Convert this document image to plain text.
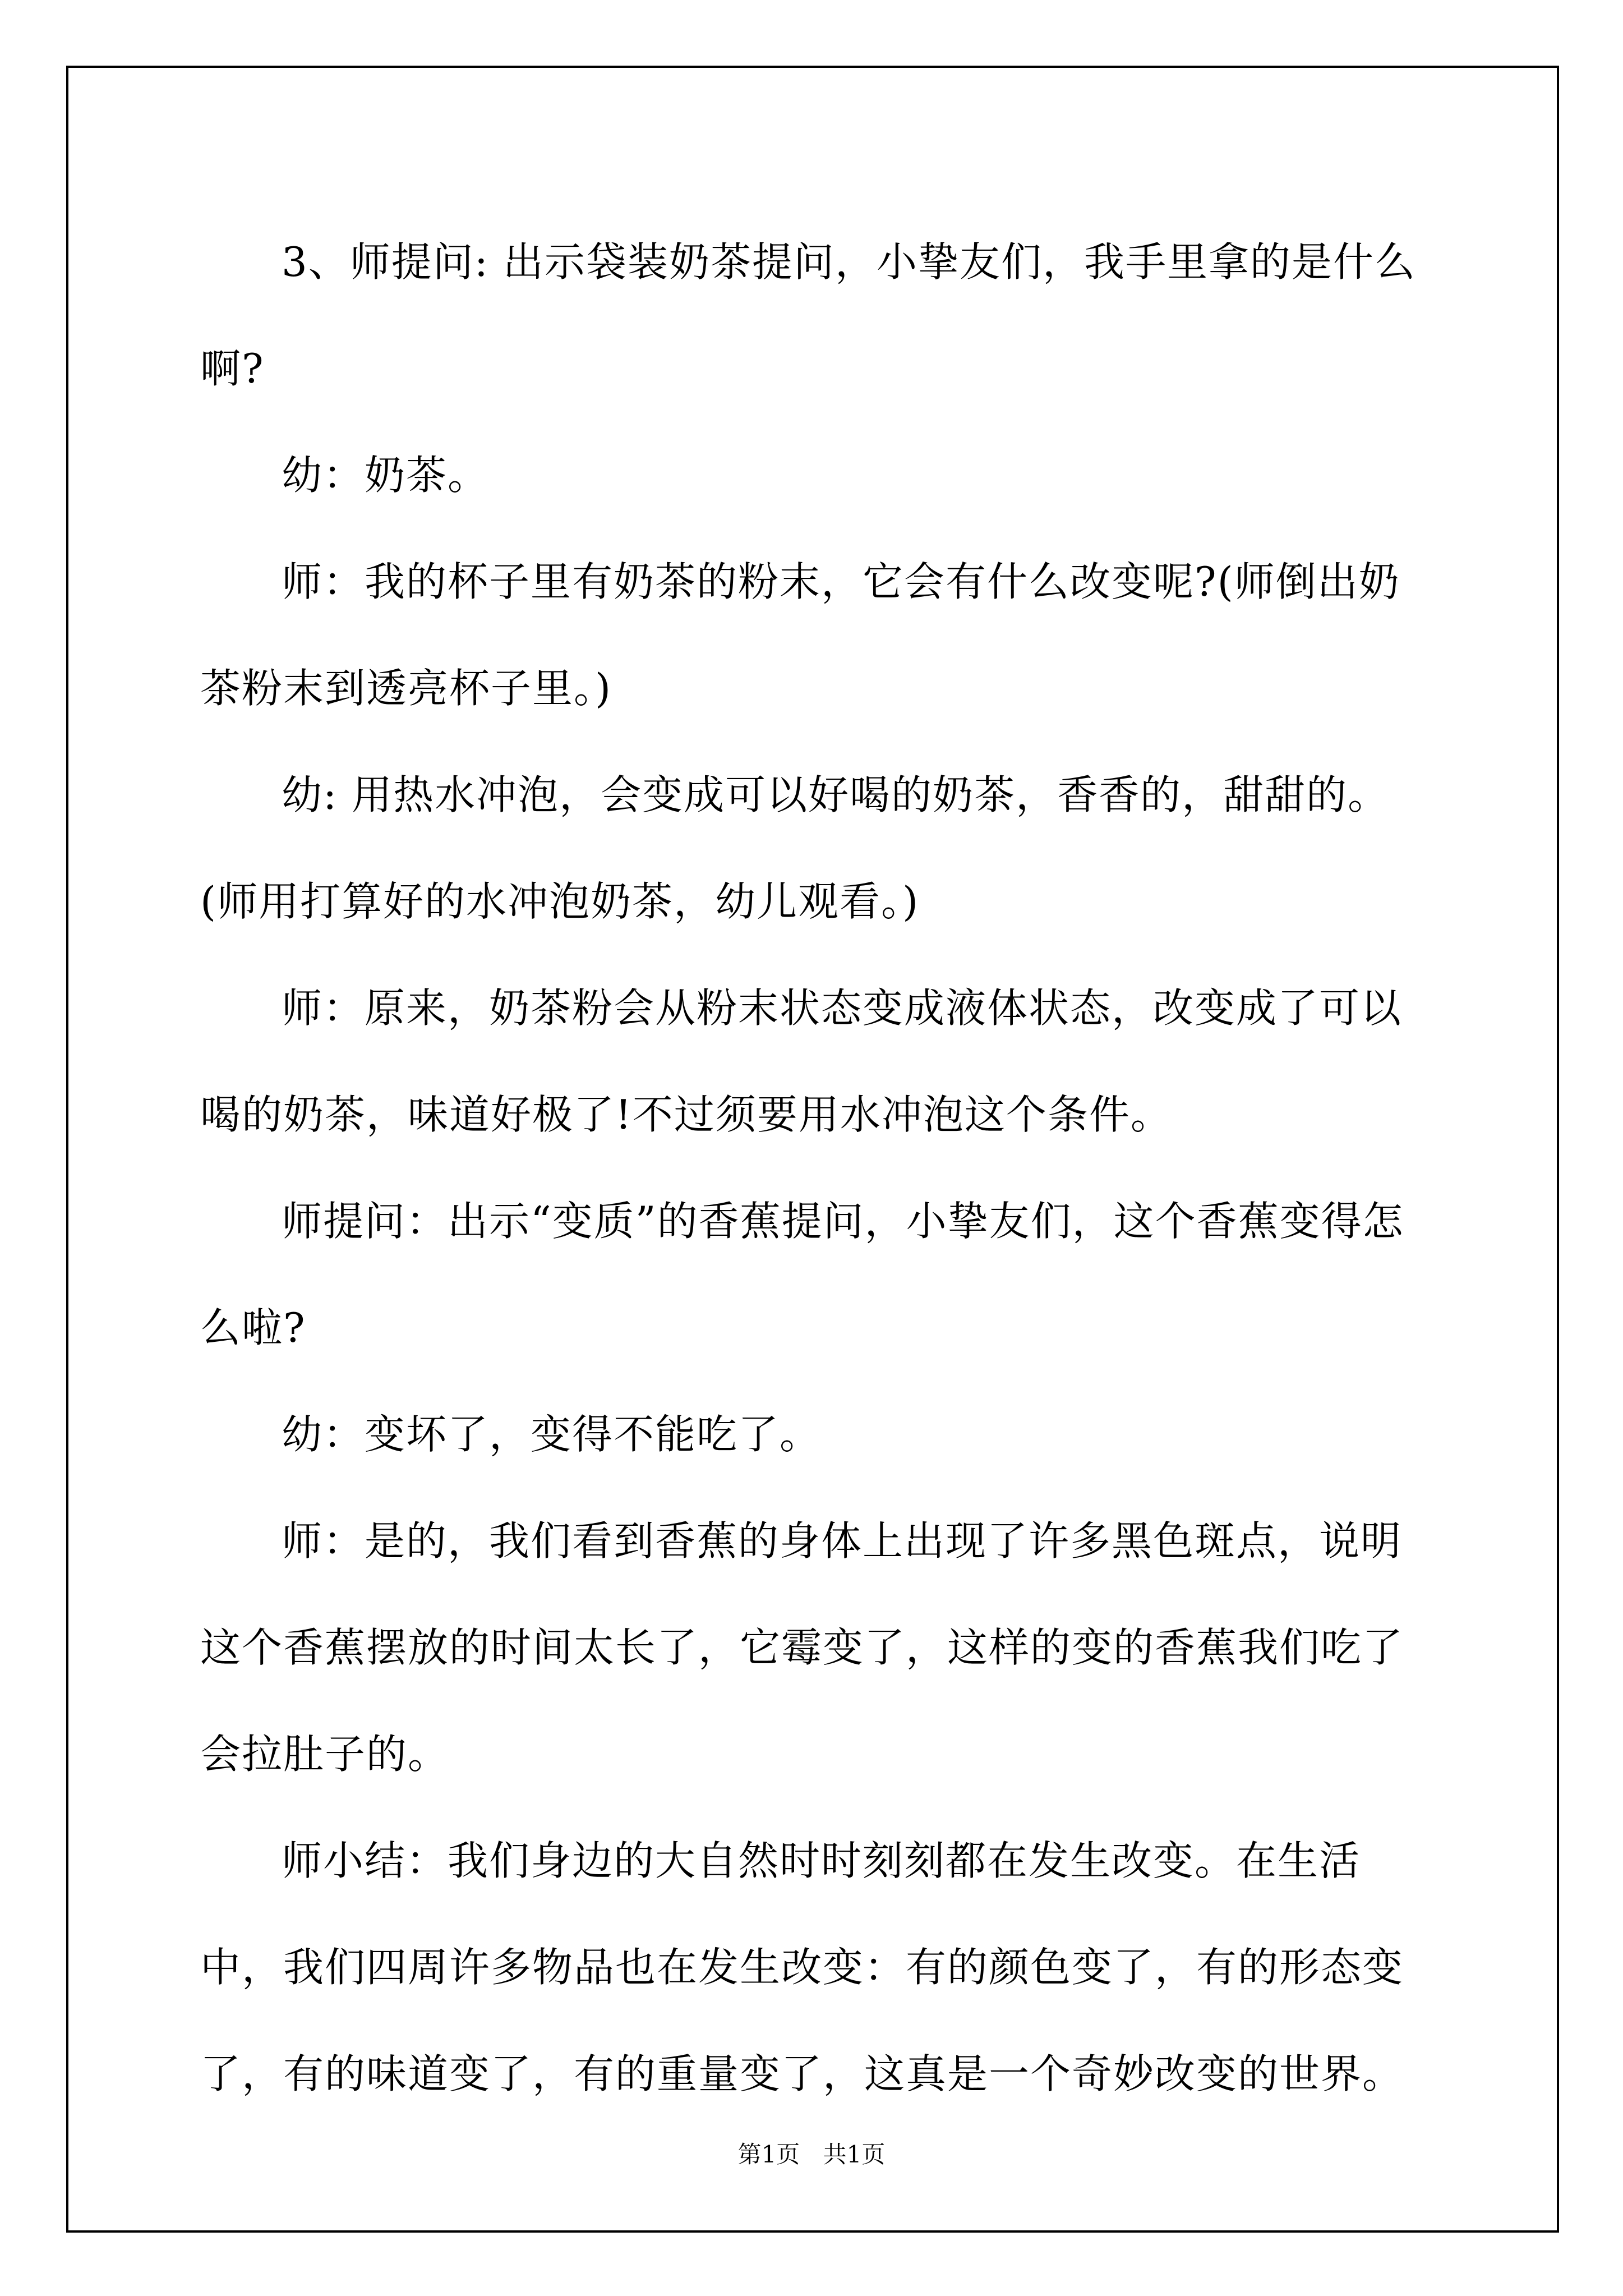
3、师提问: 出示袋装奶茶提问，小挚友们，我手里拿的是什么啊?

幼：奶茶。

师：我的杯子里有奶茶的粉末，它会有什么改变呢?(师倒出奶茶粉末到透亮杯子里。)

幼: 用热水冲泡，会变成可以好喝的奶茶，香香的，甜甜的。(师用打算好的水冲泡奶茶，幼儿观看。)

师：原来，奶茶粉会从粉末状态变成液体状态，改变成了可以喝的奶茶，味道好极了!不过须要用水冲泡这个条件。

师提问：出示“变质”的香蕉提问，小挚友们，这个香蕉变得怎么啦?

幼：变坏了，变得不能吃了。

师：是的，我们看到香蕉的身体上出现了许多黑色斑点，说明这个香蕉摆放的时间太长了，它霉变了，这样的变的香蕉我们吃了会拉肚子的。

师小结：我们身边的大自然时时刻刻都在发生改变。在生活中，我们四周许多物品也在发生改变：有的颜色变了，有的形态变了，有的味道变了，有的重量变了，这真是一个奇妙改变的世界。

第1页 共1页
